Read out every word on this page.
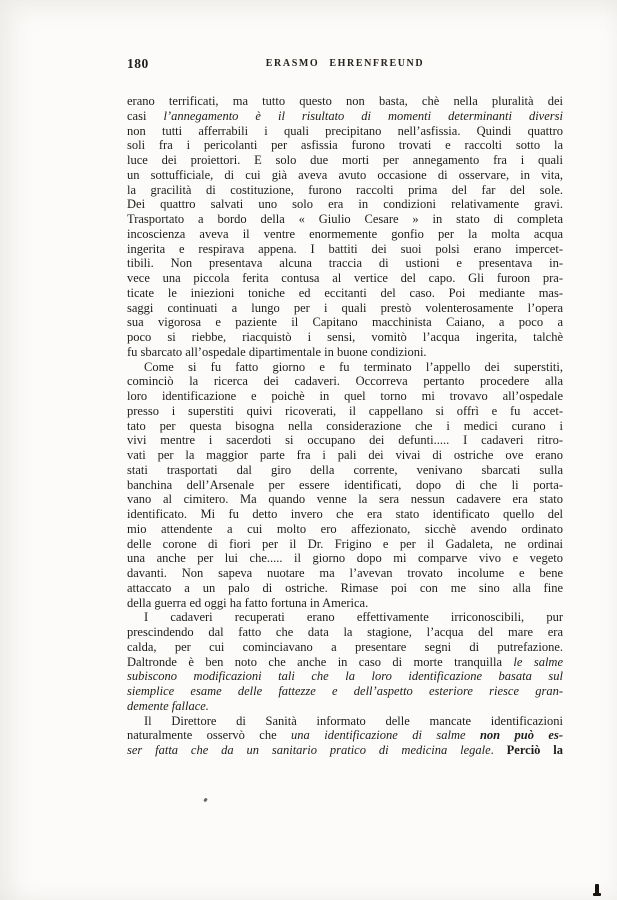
180	ERASMO EHRENFREUND
erano terrificati, ma tutto questo non basta, chè nella pluralità dei
casi l’annegamento è il risultato di momenti determinanti diversi
non tutti afferrabili i quali precipitano nell’asfissia. Quindi quattro
soli fra i pericolanti per asfissia furono trovati e raccolti sotto la
luce dei proiettori. E solo due morti per annegamento fra i quali
un sottufficiale, di cui già aveva avuto occasione di osservare, in vita,
la gracilità di costituzione, furono raccolti prima del far del sole.
Dei quattro salvati uno solo era in condizioni relativamente gravi.
Trasportato a bordo della « Giulio Cesare » in stato di completa
incoscienza aveva il ventre enormemente gonfio per la molta acqua
ingerita e respirava appena. I battiti dei suoi polsi erano impercet-
tibili. Non presentava alcuna traccia di ustioni e presentava in-
vece una piccola ferita contusa al vertice del capo. Gli furoon pra-
ticate le iniezioni toniche ed eccitanti del caso. Poi mediante mas-
saggi continuati a lungo per i quali prestò volenterosamente l’opera
sua vigorosa e paziente il Capitano macchinista Caiano, a poco a
poco si riebbe, riacquistò i sensi, vomitò l’acqua ingerita, talchè
fu sbarcato all’ospedale dipartimentale in buone condizioni.
Come si fu fatto giorno e fu terminato l’appello dei superstiti,
cominciò la ricerca dei cadaveri. Occorreva pertanto procedere alla
loro identificazione e poichè in quel torno mi trovavo all’ospedale
presso i superstiti quivi ricoverati, il cappellano si offrì e fu accet-
tato per questa bisogna nella considerazione che i medici curano i
vivi mentre i sacerdoti si occupano dei defunti..... I cadaveri ritro-
vati per la maggior parte fra i pali dei vivai di ostriche ove erano
stati trasportati dal giro della corrente, venivano sbarcati sulla
banchina dell’Arsenale per essere identificati, dopo di che li porta-
vano al cimitero. Ma quando venne la sera nessun cadavere era stato
identificato. Mi fu detto invero che era stato identificato quello del
mio attendente a cui molto ero affezionato, sicchè avendo ordinato
delle corone di fiori per il Dr. Frigino e per il Gadaleta, ne ordinai
una anche per lui che..... il giorno dopo mi comparve vivo e vegeto
davanti. Non sapeva nuotare ma l’avevan trovato incolume e bene
attaccato a un palo di ostriche. Rimase poi con me sino alla fine
della guerra ed oggi ha fatto fortuna in America.
I cadaveri recuperati erano effettivamente irriconoscibili, pur
prescindendo dal fatto che data la stagione, l’acqua del mare era
calda, per cui cominciavano a presentare segni di putrefazione.
Daltronde è ben noto che anche in caso di morte tranquilla le salme
subiscono modificazioni tali che la loro identificazione basata sul
siemplice esame delle fattezze e dell’aspetto esteriore riesce gran-
demente fallace.
Il Direttore di Sanità informato delle mancate identificazioni
naturalmente osservò che una identificazione di salme non può es-
ser fatta che da un sanitario pratico di medicina legale. Perciò la
